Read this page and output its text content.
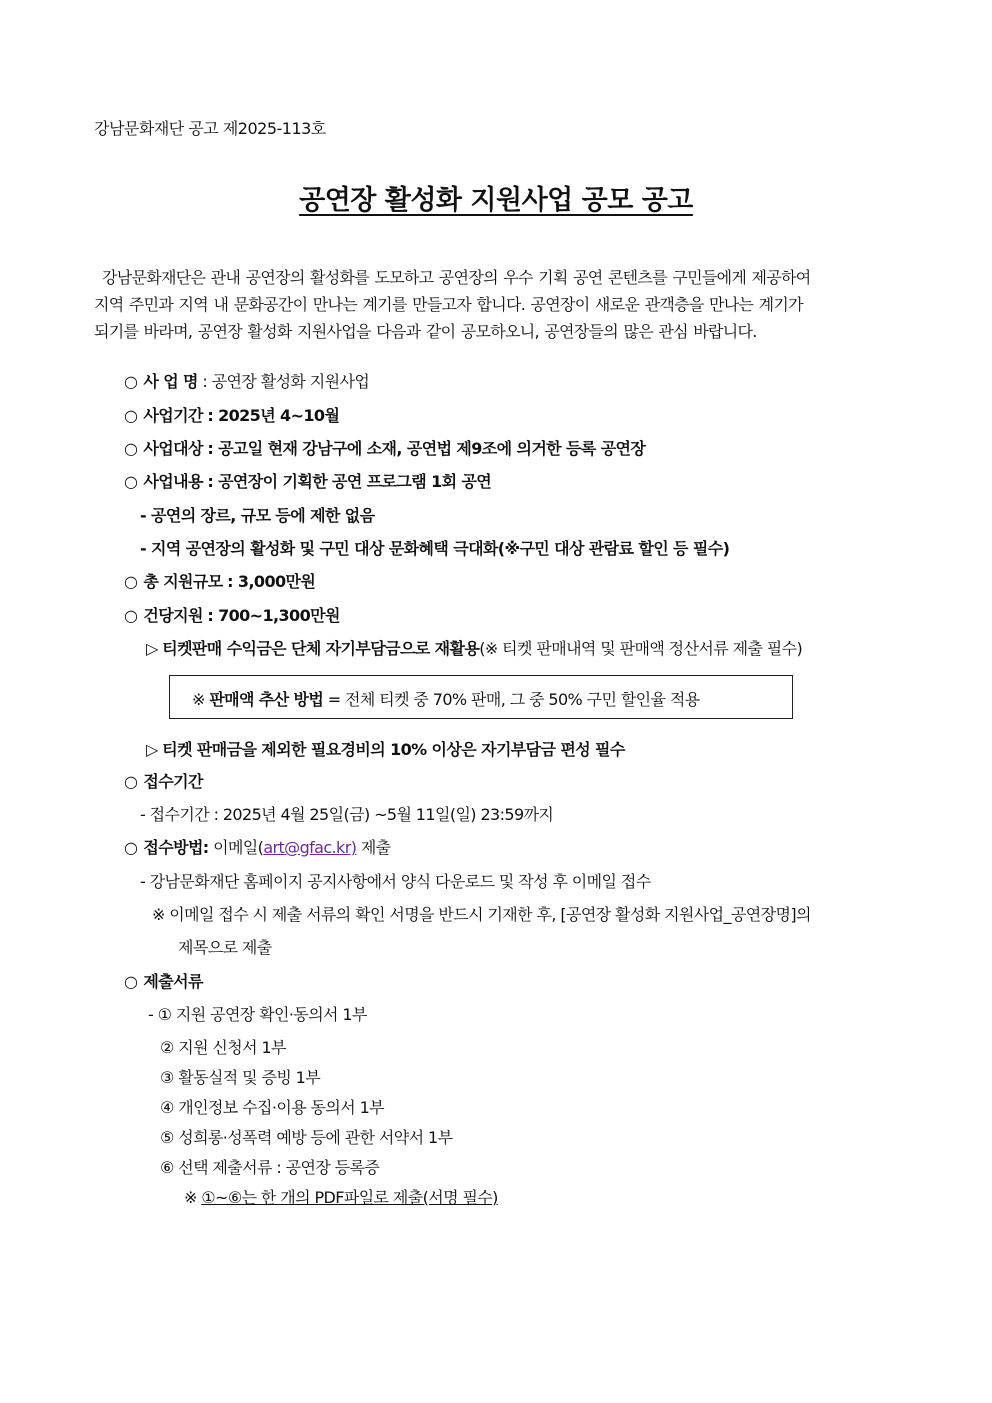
강남문화재단 공고 제2025-113호
공연장 활성화 지원사업 공모 공고
강남문화재단은 관내 공연장의 활성화를 도모하고 공연장의 우수 기획 공연 콘텐츠를 구민들에게 제공하여
지역 주민과 지역 내 문화공간이 만나는 계기를 만들고자 합니다. 공연장이 새로운 관객층을 만나는 계기가
되기를 바라며, 공연장 활성화 지원사업을 다음과 같이 공모하오니, 공연장들의 많은 관심 바랍니다.
○ 사 업 명 : 공연장 활성화 지원사업
○ 사업기간 : 2025년 4~10월
○ 사업대상 : 공고일 현재 강남구에 소재, 공연법 제9조에 의거한 등록 공연장
○ 사업내용 : 공연장이 기획한 공연 프로그램 1회 공연
- 공연의 장르, 규모 등에 제한 없음
- 지역 공연장의 활성화 및 구민 대상 문화혜택 극대화(※구민 대상 관람료 할인 등 필수)
○ 총 지원규모 : 3,000만원
○ 건당지원 : 700~1,300만원
▷ 티켓판매 수익금은 단체 자기부담금으로 재활용(※ 티켓 판매내역 및 판매액 정산서류 제출 필수)
※ 판매액 추산 방법 = 전체 티켓 중 70% 판매, 그 중 50% 구민 할인율 적용
▷ 티켓 판매금을 제외한 필요경비의 10% 이상은 자기부담금 편성 필수
○ 접수기간
- 접수기간 : 2025년 4월 25일(금) ~5월 11일(일) 23:59까지
○ 접수방법: 이메일(art@gfac.kr) 제출
- 강남문화재단 홈페이지 공지사항에서 양식 다운로드 및 작성 후 이메일 접수
※ 이메일 접수 시 제출 서류의 확인 서명을 반드시 기재한 후, [공연장 활성화 지원사업_공연장명]의
제목으로 제출
○ 제출서류
- ① 지원 공연장 확인·동의서 1부
② 지원 신청서 1부
③ 활동실적 및 증빙 1부
④ 개인정보 수집·이용 동의서 1부
⑤ 성희롱·성폭력 예방 등에 관한 서약서 1부
⑥ 선택 제출서류 : 공연장 등록증
※ ①~⑥는 한 개의 PDF파일로 제출(서명 필수)
